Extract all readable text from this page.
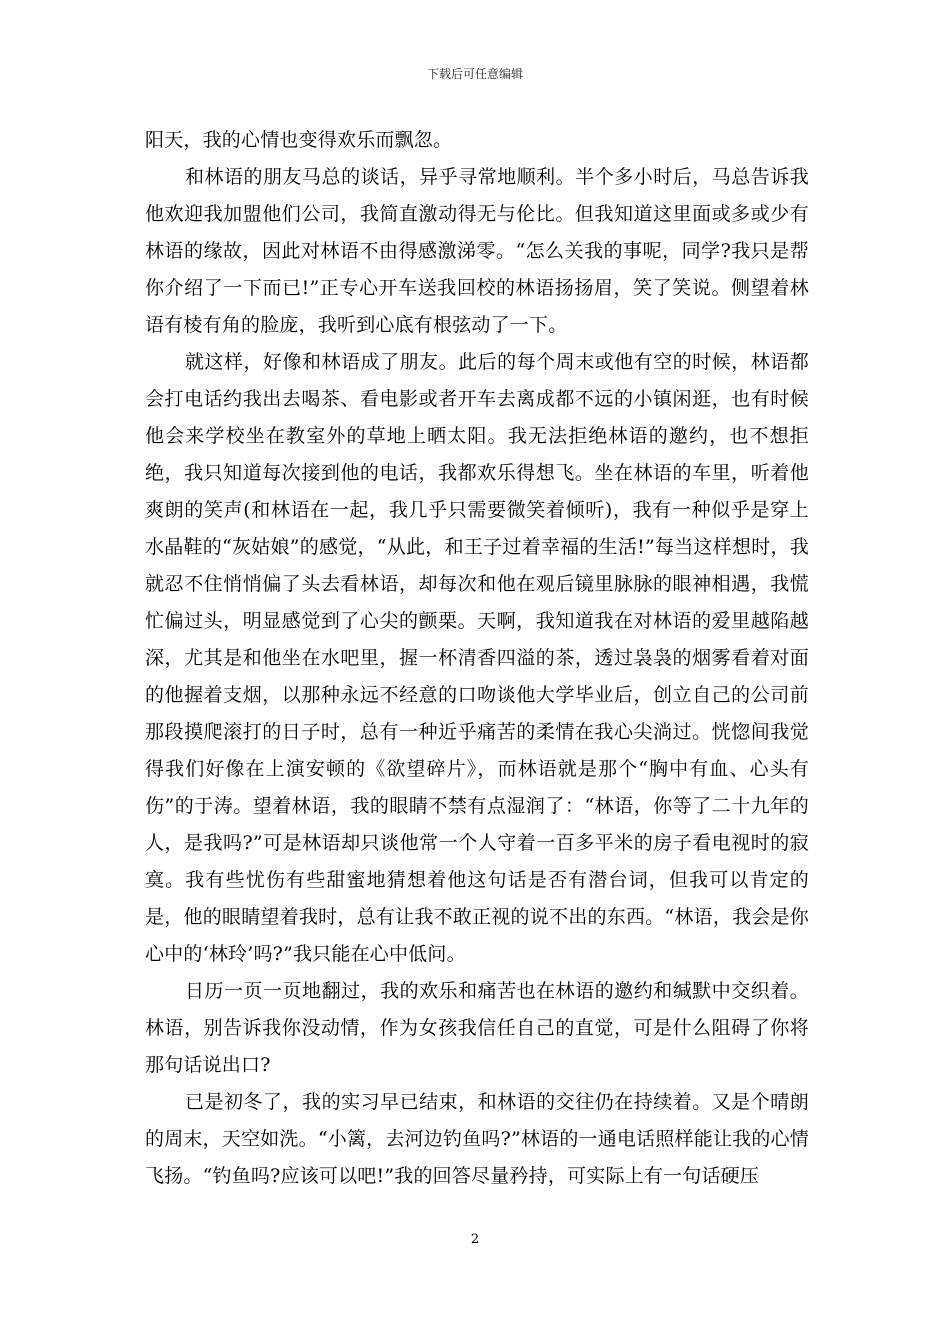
下载后可任意编辑

阳天，我的心情也变得欢乐而飘忽。

和林语的朋友马总的谈话，异乎寻常地顺利。半个多小时后，马总告诉我他欢迎我加盟他们公司，我简直激动得无与伦比。但我知道这里面或多或少有林语的缘故，因此对林语不由得感激涕零。“怎么关我的事呢，同学?我只是帮你介绍了一下而已!”正专心开车送我回校的林语扬扬眉，笑了笑说。侧望着林语有棱有角的脸庞，我听到心底有根弦动了一下。

就这样，好像和林语成了朋友。此后的每个周末或他有空的时候，林语都会打电话约我出去喝茶、看电影或者开车去离成都不远的小镇闲逛，也有时候他会来学校坐在教室外的草地上晒太阳。我无法拒绝林语的邀约，也不想拒绝，我只知道每次接到他的电话，我都欢乐得想飞。坐在林语的车里，听着他爽朗的笑声(和林语在一起，我几乎只需要微笑着倾听)，我有一种似乎是穿上水晶鞋的“灰姑娘”的感觉，“从此，和王子过着幸福的生活!”每当这样想时，我就忍不住悄悄偏了头去看林语，却每次和他在观后镜里脉脉的眼神相遇，我慌忙偏过头，明显感觉到了心尖的颤栗。天啊，我知道我在对林语的爱里越陷越深，尤其是和他坐在水吧里，握一杯清香四溢的茶，透过袅袅的烟雾看着对面的他握着支烟，以那种永远不经意的口吻谈他大学毕业后，创立自己的公司前那段摸爬滚打的日子时，总有一种近乎痛苦的柔情在我心尖淌过。恍惚间我觉得我们好像在上演安顿的《欲望碎片》，而林语就是那个“胸中有血、心头有伤”的于涛。望着林语，我的眼睛不禁有点湿润了：“林语，你等了二十九年的人，是我吗?”可是林语却只谈他常一个人守着一百多平米的房子看电视时的寂寞。我有些忧伤有些甜蜜地猜想着他这句话是否有潜台词，但我可以肯定的是，他的眼睛望着我时，总有让我不敢正视的说不出的东西。“林语，我会是你心中的‘林玲’吗?”我只能在心中低问。

日历一页一页地翻过，我的欢乐和痛苦也在林语的邀约和缄默中交织着。林语，别告诉我你没动情，作为女孩我信任自己的直觉，可是什么阻碍了你将那句话说出口?

已是初冬了，我的实习早已结束，和林语的交往仍在持续着。又是个晴朗的周末，天空如洗。“小篱，去河边钓鱼吗?”林语的一通电话照样能让我的心情飞扬。“钓鱼吗?应该可以吧!”我的回答尽量矜持，可实际上有一句话硬压

2
